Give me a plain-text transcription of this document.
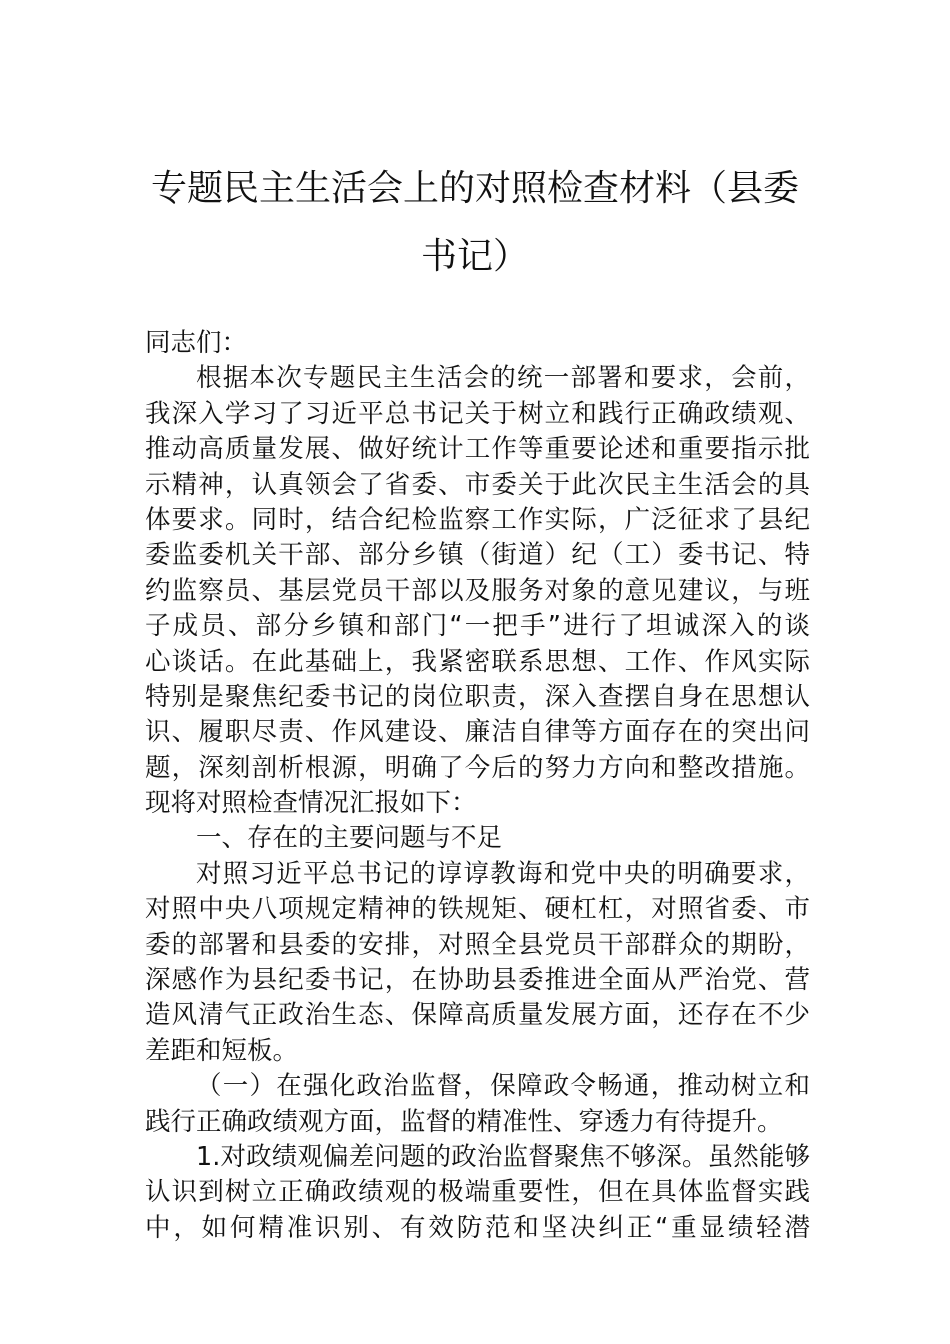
专题民主生活会上的对照检查材料（县委
书记）
同志们：
根据本次专题民主生活会的统一部署和要求，会前，
我深入学习了习近平总书记关于树立和践行正确政绩观、
推动高质量发展、做好统计工作等重要论述和重要指示批
示精神，认真领会了省委、市委关于此次民主生活会的具
体要求。同时，结合纪检监察工作实际，广泛征求了县纪
委监委机关干部、部分乡镇（街道）纪（工）委书记、特
约监察员、基层党员干部以及服务对象的意见建议，与班
子成员、部分乡镇和部门“一把手”进行了坦诚深入的谈
心谈话。在此基础上，我紧密联系思想、工作、作风实际
特别是聚焦纪委书记的岗位职责，深入查摆自身在思想认
识、履职尽责、作风建设、廉洁自律等方面存在的突出问
题，深刻剖析根源，明确了今后的努力方向和整改措施。
现将对照检查情况汇报如下：
一、存在的主要问题与不足
对照习近平总书记的谆谆教诲和党中央的明确要求，
对照中央八项规定精神的铁规矩、硬杠杠，对照省委、市
委的部署和县委的安排，对照全县党员干部群众的期盼，
深感作为县纪委书记，在协助县委推进全面从严治党、营
造风清气正政治生态、保障高质量发展方面，还存在不少
差距和短板。
（一）在强化政治监督，保障政令畅通，推动树立和
践行正确政绩观方面，监督的精准性、穿透力有待提升。
1.对政绩观偏差问题的政治监督聚焦不够深。虽然能够
认识到树立正确政绩观的极端重要性，但在具体监督实践
中，如何精准识别、有效防范和坚决纠正“重显绩轻潜
